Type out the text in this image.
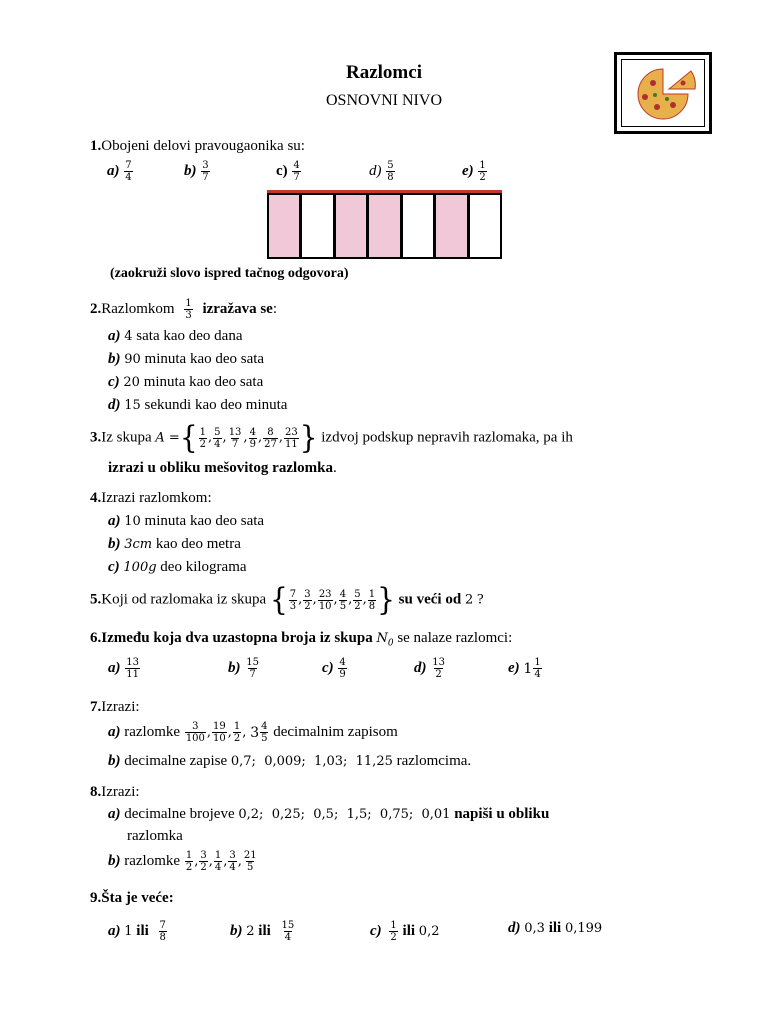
Razlomci
OSNOVNI NIVO
1.Obojeni delovi pravougaonika su:
$a) \frac{7}{4}$	$b) \frac{3}{7}$	$c) \frac{4}{7}$	$d) \frac{5}{8}$	$e) \frac{1}{2}$
(zaokruži slovo ispred tačnog odgovora)
2.Razlomkom $\frac{1}{3}$ izražava se:
a) 4 sata kao deo dana
b) 90 minuta kao deo sata
c) 20 minuta kao deo sata
d) 15 sekundi kao deo minuta
3.Iz skupa A ={ $\frac{1}{2}$ , $\frac{5}{4}$ , $\frac{13}{7}$ , $\frac{4}{9}$ , $\frac{8}{27}$ , $\frac{23}{11}$ } izdvoj podskup nepravih razlomaka, pa ih
izrazi u obliku mešovitog razlomka.
4.Izrazi razlomkom:
a) 10 minuta kao deo sata
b) 3cm kao deo metra
c) 100g deo kilograma
5.Koji od razlomaka iz skupa { $\frac{7}{3}$ , $\frac{3}{2}$ , $\frac{23}{10}$ , $\frac{4}{5}$ , $\frac{5}{2}$ , $\frac{1}{8}$ } su veći od 2 ?
6.Između koja dva uzastopna broja iz skupa $N_0$ se nalaze razlomci:
$a) \frac{13}{11}$	$b) \frac{15}{7}$	$c) \frac{4}{9}$	$d) \frac{13}{2}$	e) $1 \frac{1}{4}$
7.Izrazi:
a) razlomke $\frac{3}{100}$ , $\frac{19}{10}$ , $\frac{1}{2}$ , $3 \frac{4}{5}$ decimalnim zapisom
b) decimalne zapise 0,7;  0,009;  1,03;  11,25 razlomcima.
8.Izrazi:
a) decimalne brojeve 0,2;  0,25;  0,5;  1,5;  0,75;  0,01 napiši u obliku
razlomka
b) razlomke $\frac{1}{2}$ , $\frac{3}{2}$ , $\frac{1}{4}$ , $\frac{3}{4}$ , $\frac{21}{5}$
9.Šta je veće:
a) 1 ili $\frac{7}{8}$	b) 2 ili $\frac{15}{4}$	$c) \frac{1}{2}$ ili 0,2	d) 0,3 ili 0,199
